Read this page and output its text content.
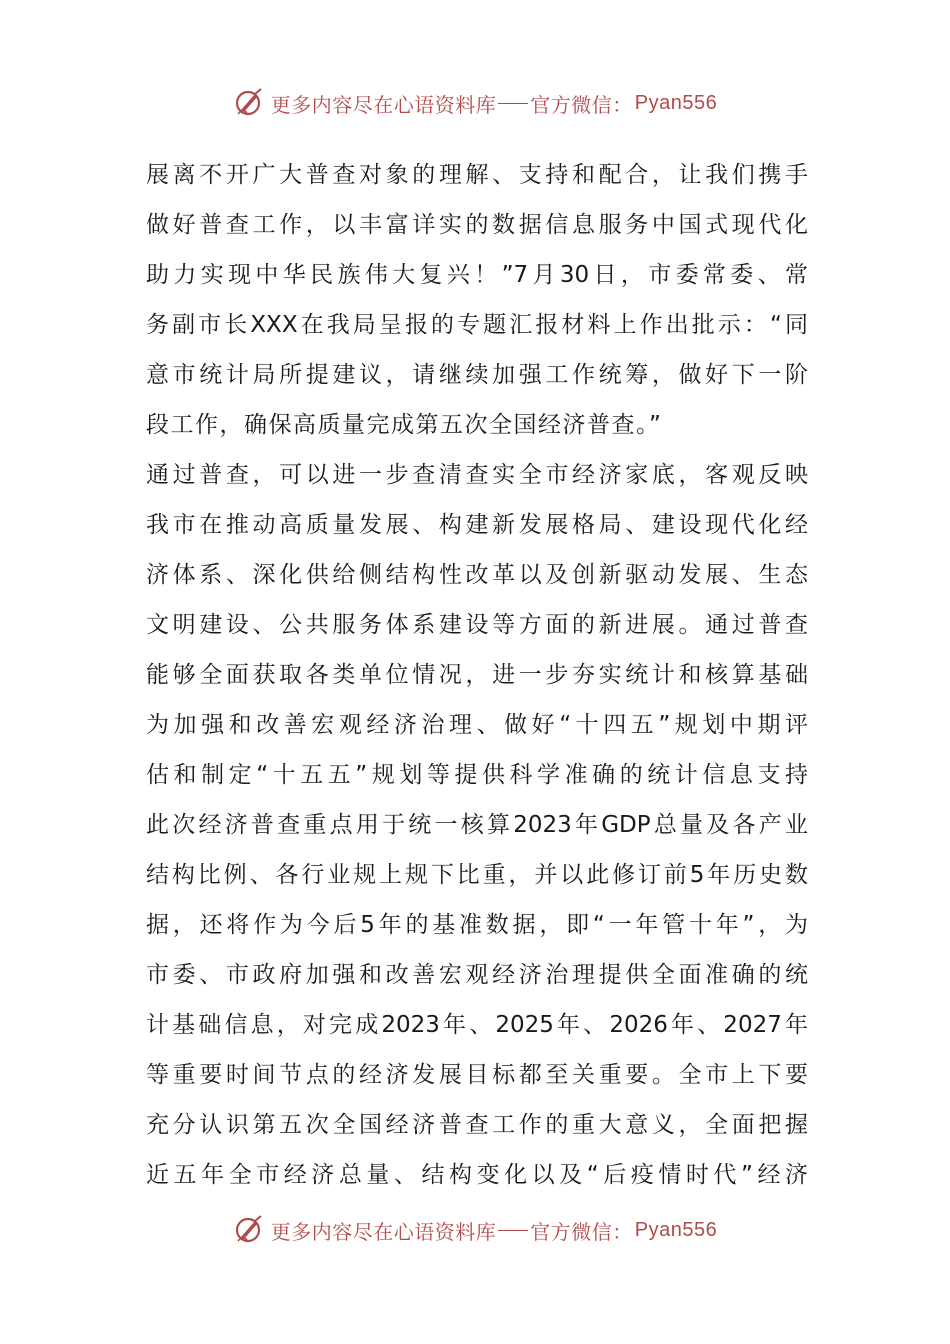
更多内容尽在心语资料库 官方微信： Pyan556
展离不开广大普查对象的理解、支持和配合，让我们携手
做好普查工作，以丰富详实的数据信息服务中国式现代化
助力实现中华民族伟大复兴！”7月30日，市委常委、常
务副市长XXX在我局呈报的专题汇报材料上作出批示：“同
意市统计局所提建议，请继续加强工作统筹，做好下一阶
段工作，确保高质量完成第五次全国经济普查。”
通过普查，可以进一步查清查实全市经济家底，客观反映
我市在推动高质量发展、构建新发展格局、建设现代化经
济体系、深化供给侧结构性改革以及创新驱动发展、生态
文明建设、公共服务体系建设等方面的新进展。通过普查
能够全面获取各类单位情况，进一步夯实统计和核算基础
为加强和改善宏观经济治理、做好“十四五”规划中期评
估和制定“十五五”规划等提供科学准确的统计信息支持
此次经济普查重点用于统一核算2023年GDP总量及各产业
结构比例、各行业规上规下比重，并以此修订前5年历史数
据，还将作为今后5年的基准数据，即“一年管十年”，为
市委、市政府加强和改善宏观经济治理提供全面准确的统
计基础信息，对完成2023年、2025年、2026年、2027年
等重要时间节点的经济发展目标都至关重要。全市上下要
充分认识第五次全国经济普查工作的重大意义，全面把握
近五年全市经济总量、结构变化以及“后疫情时代”经济
更多内容尽在心语资料库 官方微信： Pyan556
